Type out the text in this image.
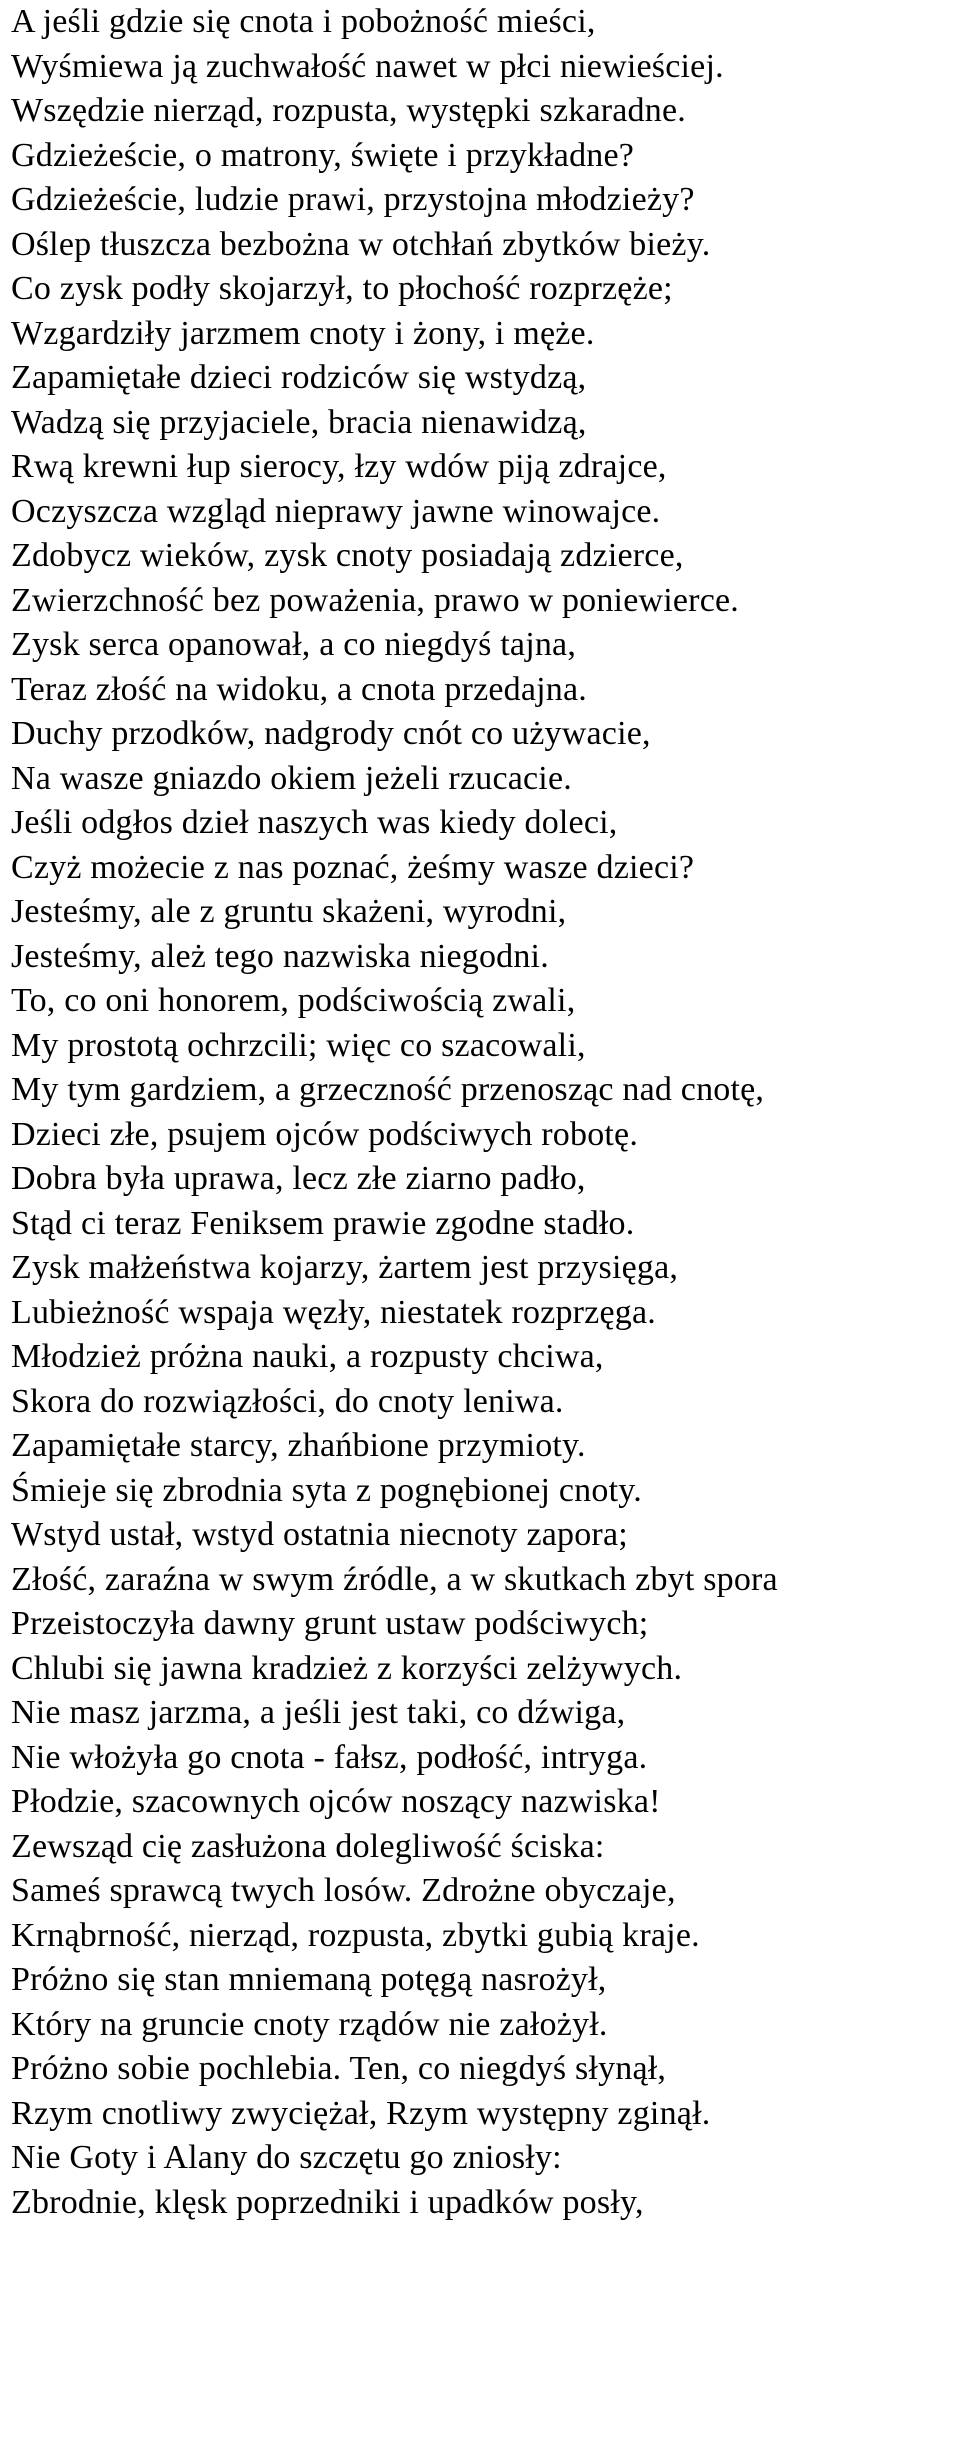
A jeśli gdzie się cnota i pobożność mieści,
Wyśmiewa ją zuchwałość nawet w płci niewieściej.
Wszędzie nierząd, rozpusta, występki szkaradne.
Gdzieżeście, o matrony, święte i przykładne?
Gdzieżeście, ludzie prawi, przystojna młodzieży?
Oślep tłuszcza bezbożna w otchłań zbytków bieży.
Co zysk podły skojarzył, to płochość rozprzęże;
Wzgardziły jarzmem cnoty i żony, i męże.
Zapamiętałe dzieci rodziców się wstydzą,
Wadzą się przyjaciele, bracia nienawidzą,
Rwą krewni łup sierocy, łzy wdów piją zdrajce,
Oczyszcza wzgląd nieprawy jawne winowajce.
Zdobycz wieków, zysk cnoty posiadają zdzierce,
Zwierzchność bez poważenia, prawo w poniewierce.
Zysk serca opanował, a co niegdyś tajna,
Teraz złość na widoku, a cnota przedajna.
Duchy przodków, nadgrody cnót co używacie,
Na wasze gniazdo okiem jeżeli rzucacie.
Jeśli odgłos dzieł naszych was kiedy doleci,
Czyż możecie z nas poznać, żeśmy wasze dzieci?
Jesteśmy, ale z gruntu skażeni, wyrodni,
Jesteśmy, ależ tego nazwiska niegodni.
To, co oni honorem, podściwością zwali,
My prostotą ochrzcili; więc co szacowali,
My tym gardziem, a grzeczność przenosząc nad cnotę,
Dzieci złe, psujem ojców podściwych robotę.
Dobra była uprawa, lecz złe ziarno padło,
Stąd ci teraz Feniksem prawie zgodne stadło.
Zysk małżeństwa kojarzy, żartem jest przysięga,
Lubieżność wspaja węzły, niestatek rozprzęga.
Młodzież próżna nauki, a rozpusty chciwa,
Skora do rozwiązłości, do cnoty leniwa.
Zapamiętałe starcy, zhańbione przymioty.
Śmieje się zbrodnia syta z pognębionej cnoty.
Wstyd ustał, wstyd ostatnia niecnoty zapora;
Złość, zaraźna w swym źródle, a w skutkach zbyt spora
Przeistoczyła dawny grunt ustaw podściwych;
Chlubi się jawna kradzież z korzyści zelżywych.
Nie masz jarzma, a jeśli jest taki, co dźwiga,
Nie włożyła go cnota - fałsz, podłość, intryga.
Płodzie, szacownych ojców noszący nazwiska!
Zewsząd cię zasłużona dolegliwość ściska:
Sameś sprawcą twych losów. Zdrożne obyczaje,
Krnąbrność, nierząd, rozpusta, zbytki gubią kraje.
Próżno się stan mniemaną potęgą nasrożył,
Który na gruncie cnoty rządów nie założył.
Próżno sobie pochlebia. Ten, co niegdyś słynął,
Rzym cnotliwy zwyciężał, Rzym występny zginął.
Nie Goty i Alany do szczętu go zniosły:
Zbrodnie, klęsk poprzedniki i upadków posły,
